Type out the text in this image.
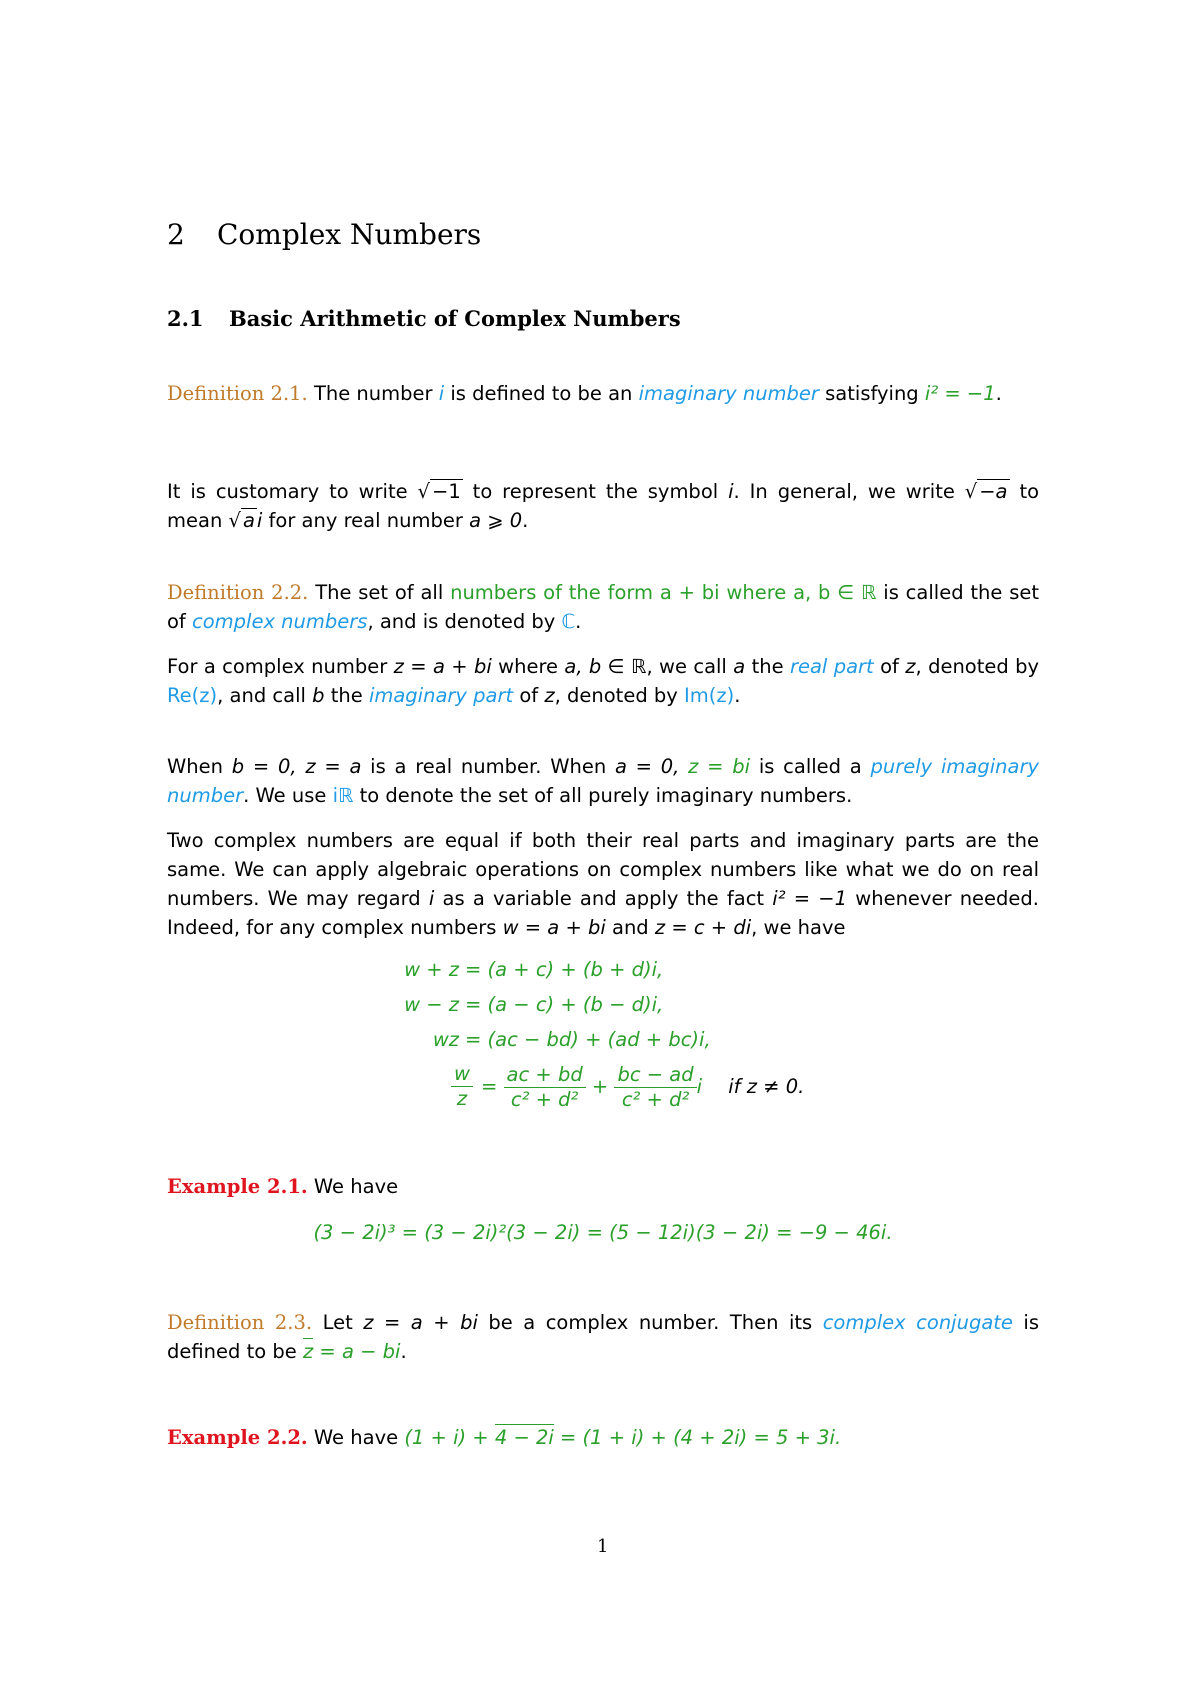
2 Complex Numbers
2.1 Basic Arithmetic of Complex Numbers
Definition 2.1. The number i is defined to be an imaginary number satisfying i² = −1.
It is customary to write √ −1 to represent the symbol i. In general, we write √ −a to mean √ a i for any real number a ⩾ 0.
Definition 2.2. The set of all numbers of the form a + bi where a, b ∈ ℝ is called the set of complex numbers, and is denoted by ℂ.
For a complex number z = a + bi where a, b ∈ ℝ, we call a the real part of z, denoted by Re(z), and call b the imaginary part of z, denoted by Im(z).
When b = 0, z = a is a real number. When a = 0, z = bi is called a purely imaginary number. We use iℝ to denote the set of all purely imaginary numbers.
Two complex numbers are equal if both their real parts and imaginary parts are the same. We can apply algebraic operations on complex numbers like what we do on real numbers. We may regard i as a variable and apply the fact i² = −1 whenever needed. Indeed, for any complex numbers w = a + bi and z = c + di, we have
w + z = (a + c) + (b + d)i,
w − z = (a − c) + (b − d)i,
wz = (ac − bd) + (ad + bc)i,
$\frac{w}{z} = \frac{ac + bd}{\text{c² + d²}} + \frac{bc - ad}{\text{c² + d²}}$ i if z ≠ 0.
Example 2.1. We have
(3 − 2i)³ = (3 − 2i)²(3 − 2i) = (5 − 12i)(3 − 2i) = −9 − 46i.
Definition 2.3. Let z = a + bi be a complex number. Then its complex conjugate is defined to be z = a − bi.
Example 2.2. We have (1 + i) + 4 − 2i = (1 + i) + (4 + 2i) = 5 + 3i.
1
